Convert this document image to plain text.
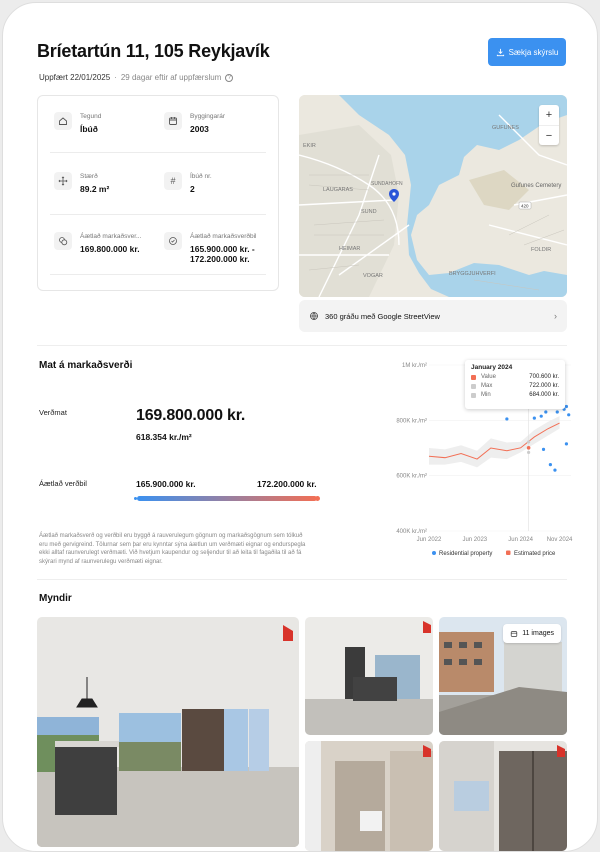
Bríetartún 11, 105 Reykjavík	Sækja skýrslu
Uppfært 22/01/2025 · 29 dagar eftir af uppfærslum	?
Tegund
Íbúð
Byggingarár
2003
Stærð
89.2 m²
#	Íbúð nr.
2
Áætlað markaðsver...
169.800.000 kr.
Áætlað markaðsverðbil
165.900.000 kr. - 172.200.000 kr.
EKIR
GUFUNES
LAUGARAS
SUNDAHOFN
SUND
Gufunes Cemetery
HEIMAR
VOGAR	BRYGGJUHVERFI
FOLDIR
420
+
−
360 gráðu með Google StreetView	›
Mat á markaðsverði
Verðmat	169.800.000 kr.
618.354 kr./m²
Áætlað verðbil	165.900.000 kr.	172.200.000 kr.
Áætlað markaðsverð og verðbil eru byggð á rauverulegum gögnum og markaðsgögnum sem tólkuð eru með gervigreind. Tölurnar sem þar eru kynntar sýna áætlun um verðmæti eignar og endurspegla ekki alltaf raunverulegt verðmæti. Við hvetjum kaupendur og seljendur til að leita til fagaðila til að fá skýrari mynd af raunverulegu verðmæti eignar.
1M kr./m²
800K kr./m²
600K kr./m²
400K kr./m²
Jun 2022	Jun 2023	Jun 2024 Nov 2024
Residential property	Estimated price
January 2024
Value	700.600 kr.
Max	722.000 kr.
Min	684.000 kr.
Myndir
11 images
